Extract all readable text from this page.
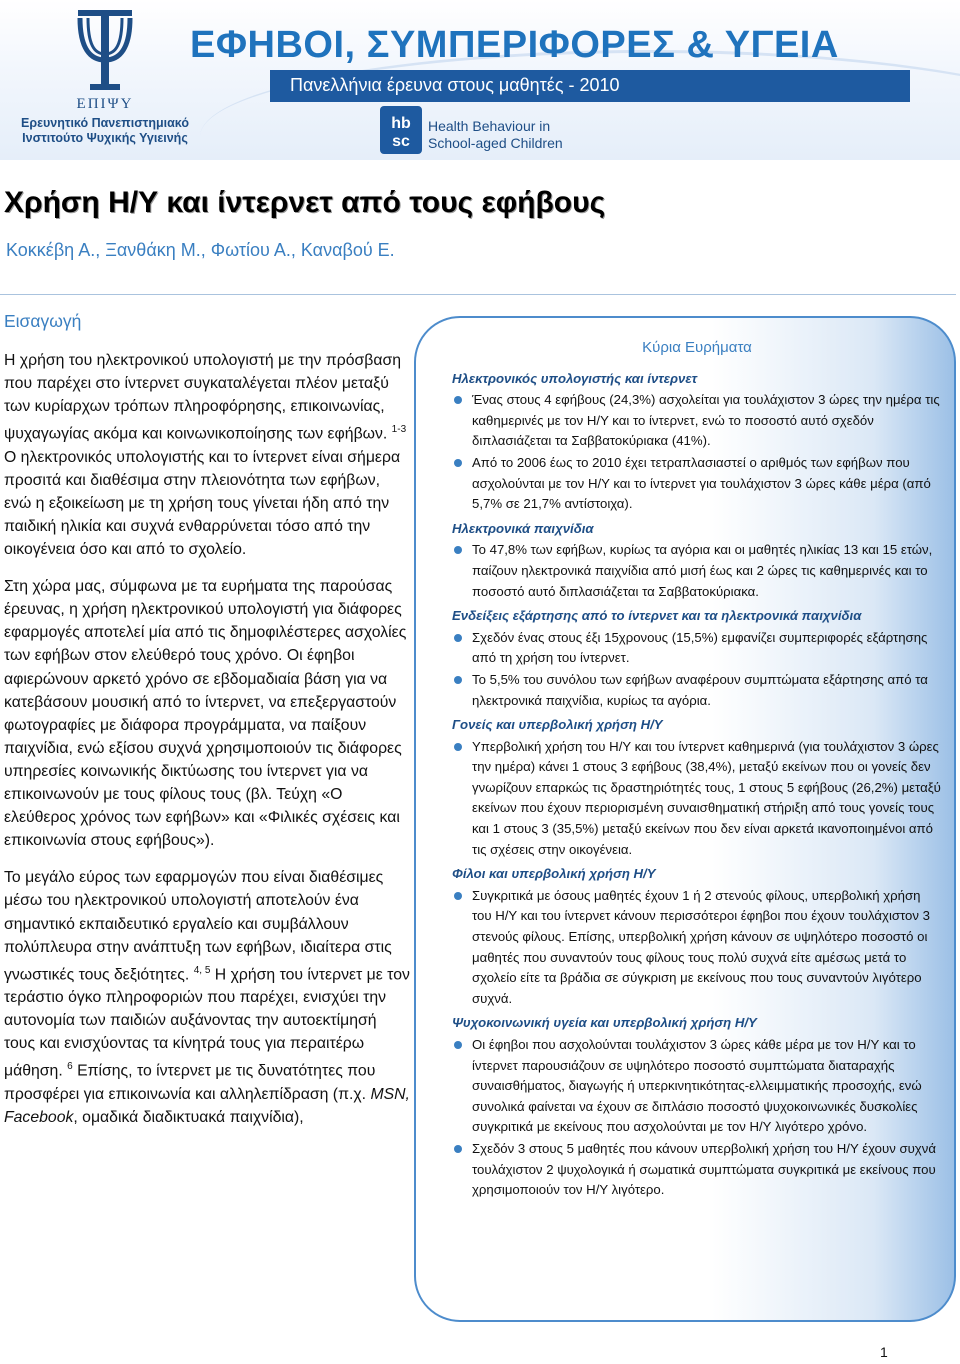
ΕΠΙΨΥ
Ερευνητικό Πανεπιστημιακό
Ινστιτούτο Ψυχικής Υγιεινής
ΕΦΗΒΟΙ, ΣΥΜΠΕΡΙΦΟΡΕΣ & ΥΓΕΙΑ
Πανελλήνια έρευνα στους μαθητές - 2010
hb
sc
Health Behaviour in
School-aged Children
Χρήση Η/Υ και ίντερνετ από τους εφήβους
Κοκκέβη Α., Ξανθάκη Μ., Φωτίου Α., Καναβού Ε.
Εισαγωγή

Η χρήση του ηλεκτρονικού υπολογιστή με την πρόσβαση που παρέχει στο ίντερνετ συγκαταλέγεται πλέον μεταξύ των κυρίαρχων τρόπων πληροφόρησης, επικοινωνίας, ψυχαγωγίας ακόμα και κοινωνικοποίησης των εφήβων. $^{1-3}$ Ο ηλεκτρονικός υπολογιστής και το ίντερνετ είναι σήμερα προσιτά και διαθέσιμα στην πλειονότητα των εφήβων, ενώ η εξοικείωση με τη χρήση τους γίνεται ήδη από την παιδική ηλικία και συχνά ενθαρρύνεται τόσο από την οικογένεια όσο και από το σχολείο.

Στη χώρα μας, σύμφωνα με τα ευρήματα της παρούσας έρευνας, η χρήση ηλεκτρονικού υπολογιστή για διάφορες εφαρμογές αποτελεί μία από τις δημοφιλέστερες ασχολίες των εφήβων στον ελεύθερό τους χρόνο. Οι έφηβοι αφιερώνουν αρκετό χρόνο σε εβδομαδιαία βάση για να κατεβάσουν μουσική από το ίντερνετ, να επεξεργαστούν φωτογραφίες με διάφορα προγράμματα, να παίξουν παιχνίδια, ενώ εξίσου συχνά χρησιμοποιούν τις διάφορες υπηρεσίες κοινωνικής δικτύωσης του ίντερνετ για να επικοινωνούν με τους φίλους τους (βλ. Τεύχη «Ο ελεύθερος χρόνος των εφήβων» και «Φιλικές σχέσεις και επικοινωνία στους εφήβους»).

Το μεγάλο εύρος των εφαρμογών που είναι διαθέσιμες μέσω του ηλεκτρονικού υπολογιστή αποτελούν ένα σημαντικό εκπαιδευτικό εργαλείο και συμβάλλουν πολύπλευρα στην ανάπτυξη των εφήβων, ιδιαίτερα στις γνωστικές τους δεξιότητες. $^{4, 5}$ Η χρήση του ίντερνετ με τον τεράστιο όγκο πληροφοριών που παρέχει, ενισχύει την αυτονομία των παιδιών αυξάνοντας την αυτοεκτίμησή τους και ενισχύοντας τα κίνητρά τους για περαιτέρω μάθηση. $^6$ Επίσης, το ίντερνετ με τις δυνατότητες που προσφέρει για επικοινωνία και αλληλεπίδραση (π.χ. MSN, Facebook, ομαδικά διαδικτυακά παιχνίδια),

Κύρια Ευρήματα
Ηλεκτρονικός υπολογιστής και ίντερνετ
Ένας στους 4 εφήβους (24,3%) ασχολείται για τουλάχιστον 3 ώρες την ημέρα τις καθημερινές με τον Η/Υ και το ίντερνετ, ενώ το ποσοστό αυτό σχεδόν διπλασιάζεται τα Σαββατοκύριακα (41%).
Από το 2006 έως το 2010 έχει τετραπλασιαστεί ο αριθμός των εφήβων που ασχολούνται με τον Η/Υ και το ίντερνετ για τουλάχιστον 3 ώρες κάθε μέρα (από 5,7% σε 21,7% αντίστοιχα).
Ηλεκτρονικά παιχνίδια
Το 47,8% των εφήβων, κυρίως τα αγόρια και οι μαθητές ηλικίας 13 και 15 ετών, παίζουν ηλεκτρονικά παιχνίδια από μισή έως και 2 ώρες τις καθημερινές και το ποσοστό αυτό διπλασιάζεται τα Σαββατοκύριακα.
Ενδείξεις εξάρτησης από το ίντερνετ και τα ηλεκτρονικά παιχνίδια
Σχεδόν ένας στους έξι 15χρονους (15,5%) εμφανίζει συμπεριφορές εξάρτησης από τη χρήση του ίντερνετ.
Το 5,5% του συνόλου των εφήβων αναφέρουν συμπτώματα εξάρτησης από τα ηλεκτρονικά παιχνίδια, κυρίως τα αγόρια.
Γονείς και υπερβολική χρήση Η/Υ
Υπερβολική χρήση του Η/Υ και του ίντερνετ καθημερινά (για τουλάχιστον 3 ώρες την ημέρα) κάνει 1 στους 3 εφήβους (38,4%), μεταξύ εκείνων που οι γονείς δεν γνωρίζουν επαρκώς τις δραστηριότητές τους, 1 στους 5 εφήβους (26,2%) μεταξύ εκείνων που έχουν περιορισμένη συναισθηματική στήριξη από τους γονείς τους και 1 στους 3 (35,5%) μεταξύ εκείνων που δεν είναι αρκετά ικανοποιημένοι από τις σχέσεις στην οικογένεια.
Φίλοι και υπερβολική χρήση Η/Υ
Συγκριτικά με όσους μαθητές έχουν 1 ή 2 στενούς φίλους, υπερβολική χρήση του Η/Υ και του ίντερνετ κάνουν περισσότεροι έφηβοι που έχουν τουλάχιστον 3 στενούς φίλους. Επίσης, υπερβολική χρήση κάνουν σε υψηλότερο ποσοστό οι μαθητές που συναντούν τους φίλους τους πολύ συχνά είτε αμέσως μετά το σχολείο είτε τα βράδια σε σύγκριση με εκείνους που τους συναντούν λιγότερο συχνά.
Ψυχοκοινωνική υγεία και υπερβολική χρήση Η/Υ
Οι έφηβοι που ασχολούνται τουλάχιστον 3 ώρες κάθε μέρα με τον Η/Υ και το ίντερνετ παρουσιάζουν σε υψηλότερο ποσοστό συμπτώματα διαταραχής συναισθήματος, διαγωγής ή υπερκινητικότητας-ελλειμματικής προσοχής, ενώ συνολικά φαίνεται να έχουν σε διπλάσιο ποσοστό ψυχοκοινωνικές δυσκολίες συγκριτικά με εκείνους που ασχολούνται με τον Η/Υ λιγότερο χρόνο.
Σχεδόν 3 στους 5 μαθητές που κάνουν υπερβολική χρήση του Η/Υ έχουν συχνά τουλάχιστον 2 ψυχολογικά ή σωματικά συμπτώματα συγκριτικά με εκείνους που χρησιμοποιούν τον Η/Υ λιγότερο.
1
